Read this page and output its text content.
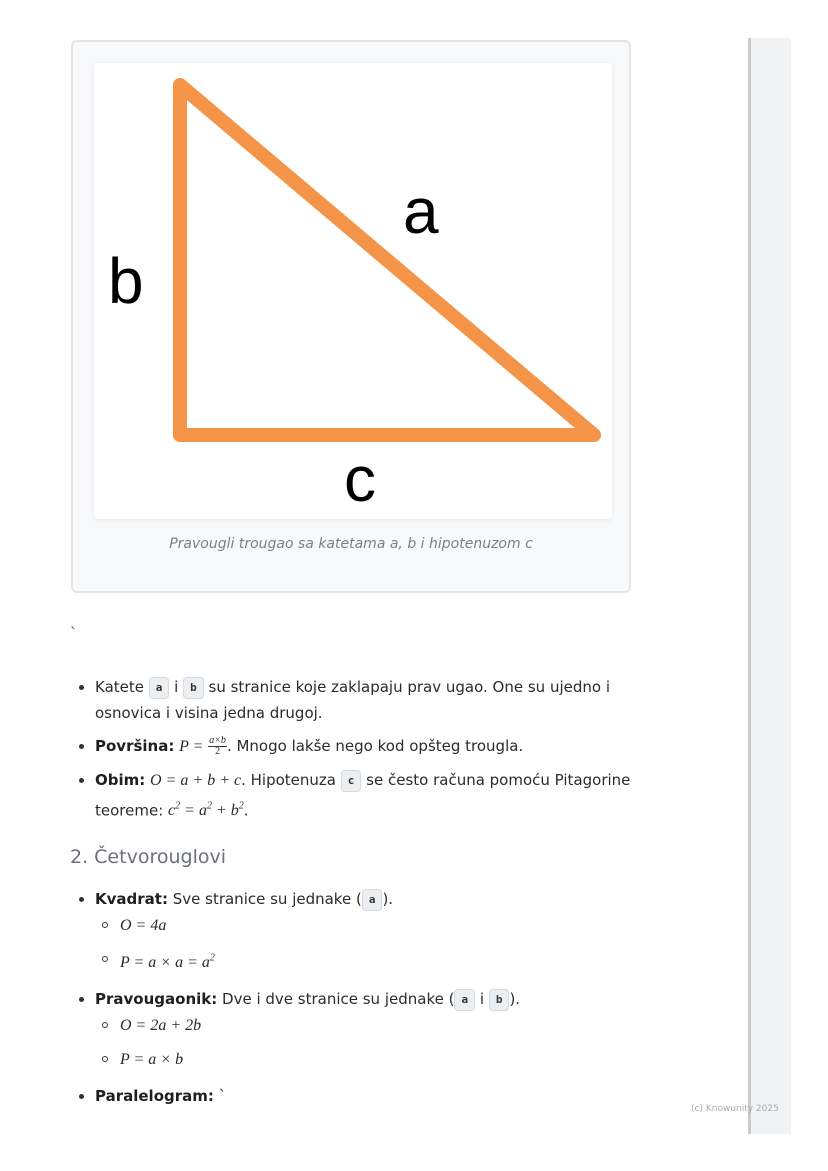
a
b
c
Pravougli trougao sa katetama a, b i hipotenuzom c
`
Katete a i b su stranice koje zaklapaju prav ugao. One su ujedno i osnovica i visina jedna drugoj.
Površina: $P = \frac{a\times b}{2}$ . Mnogo lakše nego kod opšteg trougla.
Obim: O = a + b + c. Hipotenuza c se često računa pomoću Pitagorine teoreme: $c^2 = a^2 + b^2$.
2. Četvorouglovi
Kvadrat: Sve stranice su jednake ( a ).
O = 4a
$P = a \times a = a^2$
Pravougaonik: Dve i dve stranice su jednake ( a i b ).
O = 2a + 2b
P = a × b
Paralelogram: `
(c) Knowunity 2025
